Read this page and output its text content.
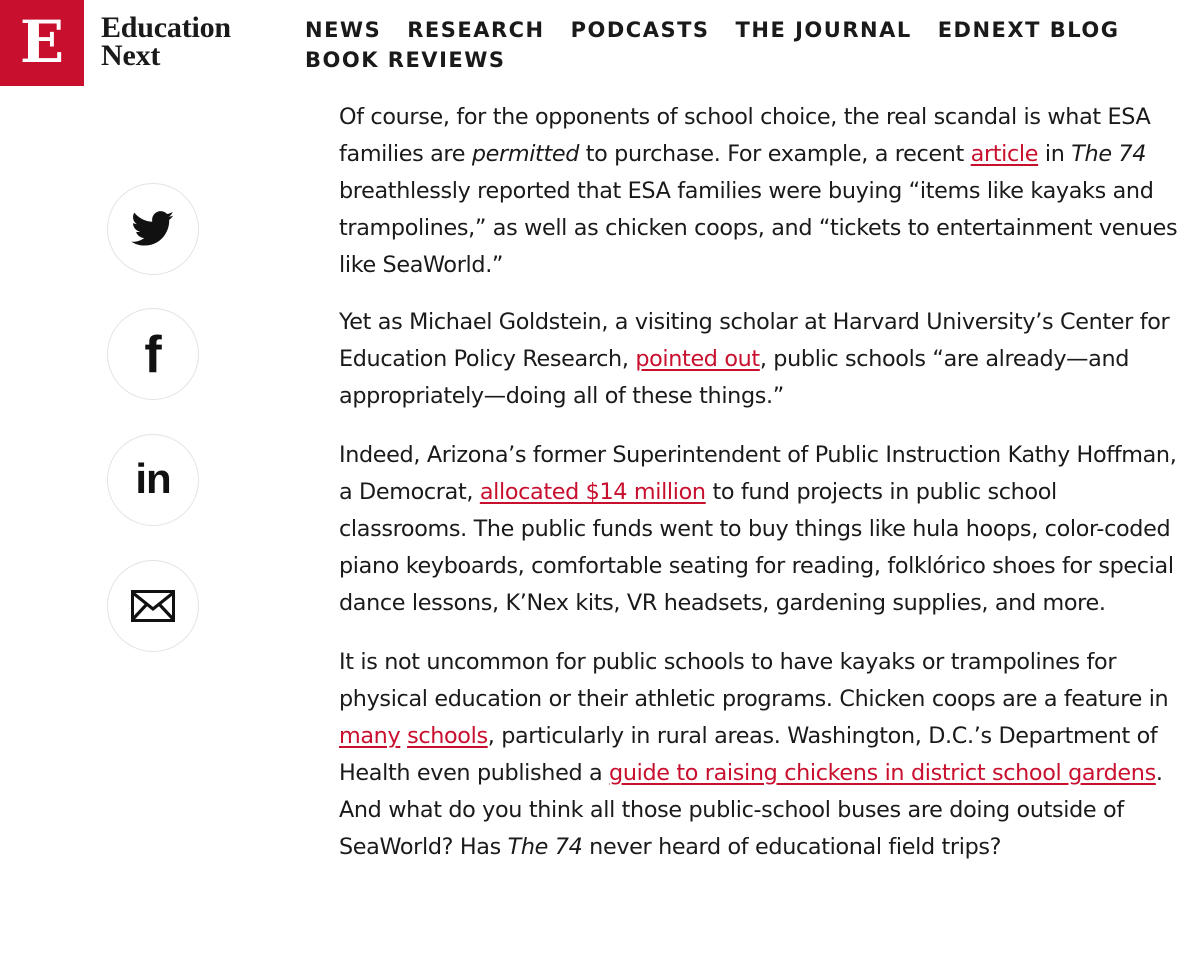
E Education
Next
NEWS RESEARCH PODCASTS THE JOURNAL EDNEXT BLOG
BOOK REVIEWS
f
in

Of course, for the opponents of school choice, the real scandal is what ESA families are permitted to purchase. For example, a recent article in The 74 breathlessly reported that ESA families were buying “items like kayaks and trampolines,” as well as chicken coops, and “tickets to entertainment venues like SeaWorld.”

Yet as Michael Goldstein, a visiting scholar at Harvard University’s Center for Education Policy Research, pointed out, public schools “are already—and appropriately—doing all of these things.”

Indeed, Arizona’s former Superintendent of Public Instruction Kathy Hoffman, a Democrat, allocated $14 million to fund projects in public school classrooms. The public funds went to buy things like hula hoops, color-coded piano keyboards, comfortable seating for reading, folklórico shoes for special dance lessons, K’Nex kits, VR headsets, gardening supplies, and more.

It is not uncommon for public schools to have kayaks or trampolines for physical education or their athletic programs. Chicken coops are a feature in many schools, particularly in rural areas. Washington, D.C.’s Department of Health even published a guide to raising chickens in district school gardens. And what do you think all those public-school buses are doing outside of SeaWorld? Has The 74 never heard of educational field trips?
